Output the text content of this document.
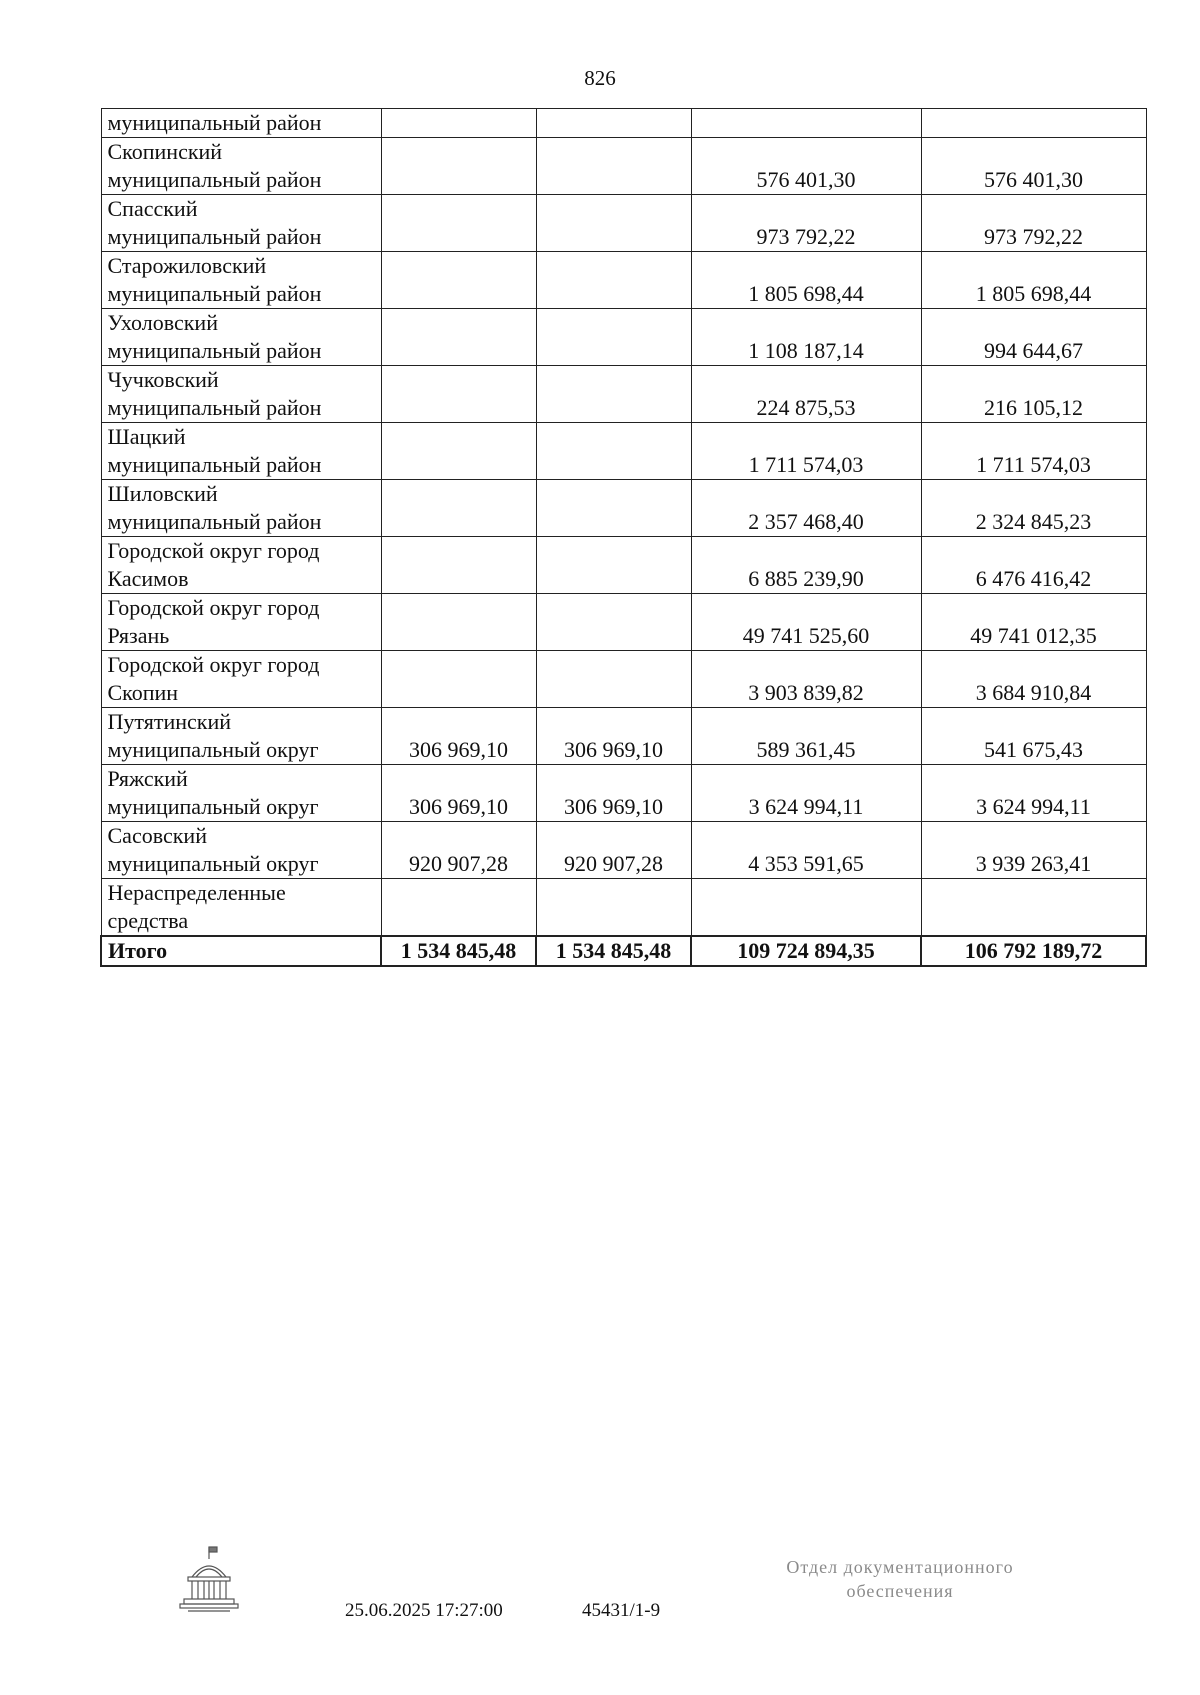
826
муниципальный район				

Скопинский
муниципальный район			576 401,30	576 401,30

Спасский
муниципальный район			973 792,22	973 792,22

Старожиловский
муниципальный район			1 805 698,44	1 805 698,44

Ухоловский
муниципальный район			1 108 187,14	994 644,67

Чучковский
муниципальный район			224 875,53	216 105,12

Шацкий
муниципальный район			1 711 574,03	1 711 574,03

Шиловский
муниципальный район			2 357 468,40	2 324 845,23

Городской округ город
Касимов			6 885 239,90	6 476 416,42

Городской округ город
Рязань			49 741 525,60	49 741 012,35

Городской округ город
Скопин			3 903 839,82	3 684 910,84

Путятинский
муниципальный округ	306 969,10	306 969,10	589 361,45	541 675,43

Ряжский
муниципальный округ	306 969,10	306 969,10	3 624 994,11	3 624 994,11

Сасовский
муниципальный округ	920 907,28	920 907,28	4 353 591,65	3 939 263,41

Нераспределенные
средства				

Итого	1 534 845,48	1 534 845,48	109 724 894,35	106 792 189,72
25.06.2025 17:27:00	45431/1-9
Отдел документационного
обеспечения
